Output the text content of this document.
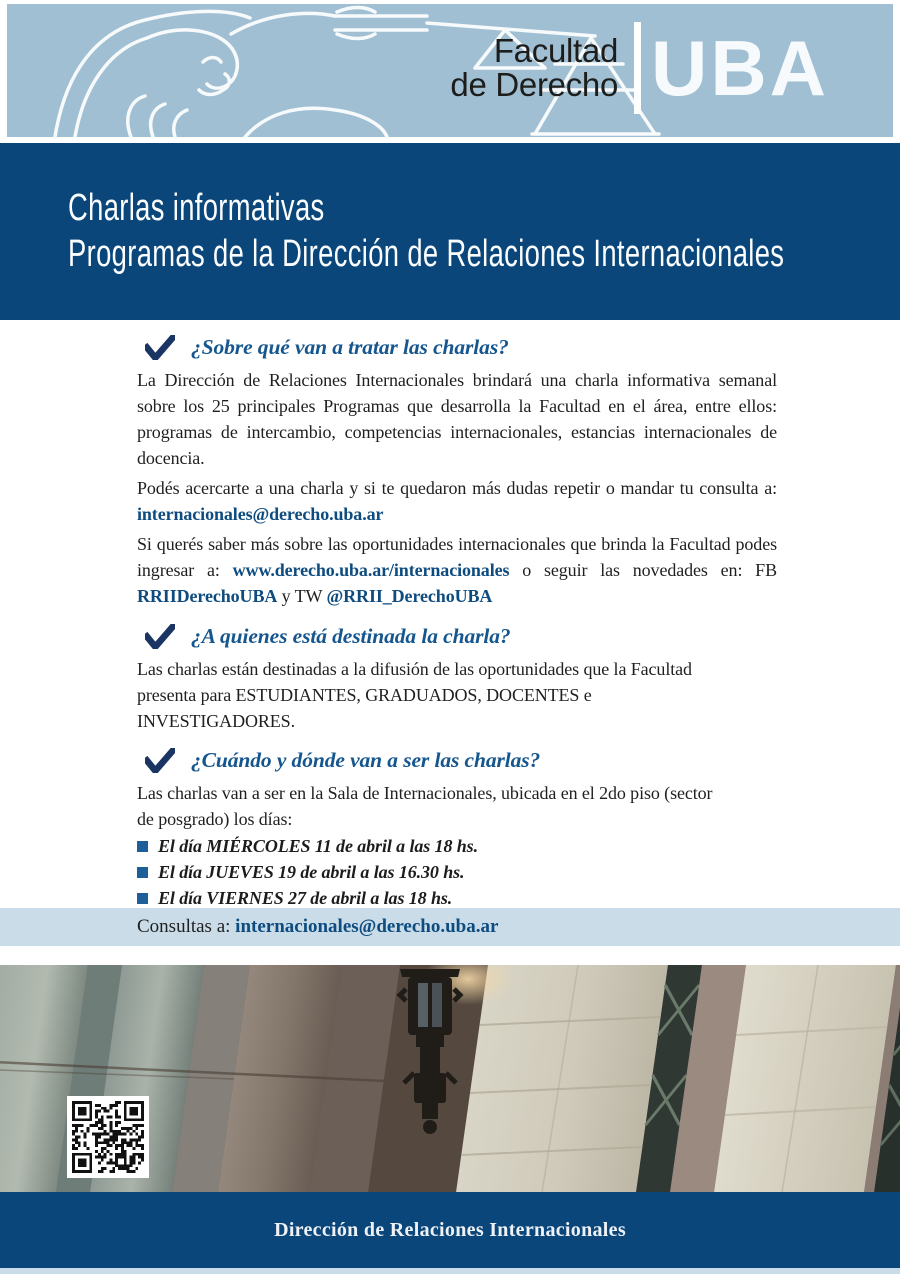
Facultad
de Derecho UBA
Charlas informativas
Programas de la Dirección de Relaciones Internacionales
¿Sobre qué van a tratar las charlas?

La Dirección de Relaciones Internacionales brindará una charla informativa semanal sobre los 25 principales Programas que desarrolla la Facultad en el área, entre ellos: programas de intercambio, competencias internacionales, estancias internacionales de docencia.

Podés acercarte a una charla y si te quedaron más dudas repetir o mandar tu consulta a: internacionales@derecho.uba.ar

Si querés saber más sobre las oportunidades internacionales que brinda la Facultad podes ingresar a: www.derecho.uba.ar/internacionales o seguir las novedades en: FB RRIIDerechoUBA y TW @RRII_DerechoUBA

¿A quienes está destinada la charla?
Las charlas están destinadas a la difusión de las oportunidades que la Facultad
presenta para ESTUDIANTES, GRADUADOS, DOCENTES e
INVESTIGADORES.
¿Cuándo y dónde van a ser las charlas?
Las charlas van a ser en la Sala de Internacionales, ubicada en el 2do piso (sector
de posgrado) los días:
El día MIÉRCOLES 11 de abril a las 18 hs.
El día JUEVES 19 de abril a las 16.30 hs.
El día VIERNES 27 de abril a las 18 hs.
Consultas a: internacionales@derecho.uba.ar
Dirección de Relaciones Internacionales
